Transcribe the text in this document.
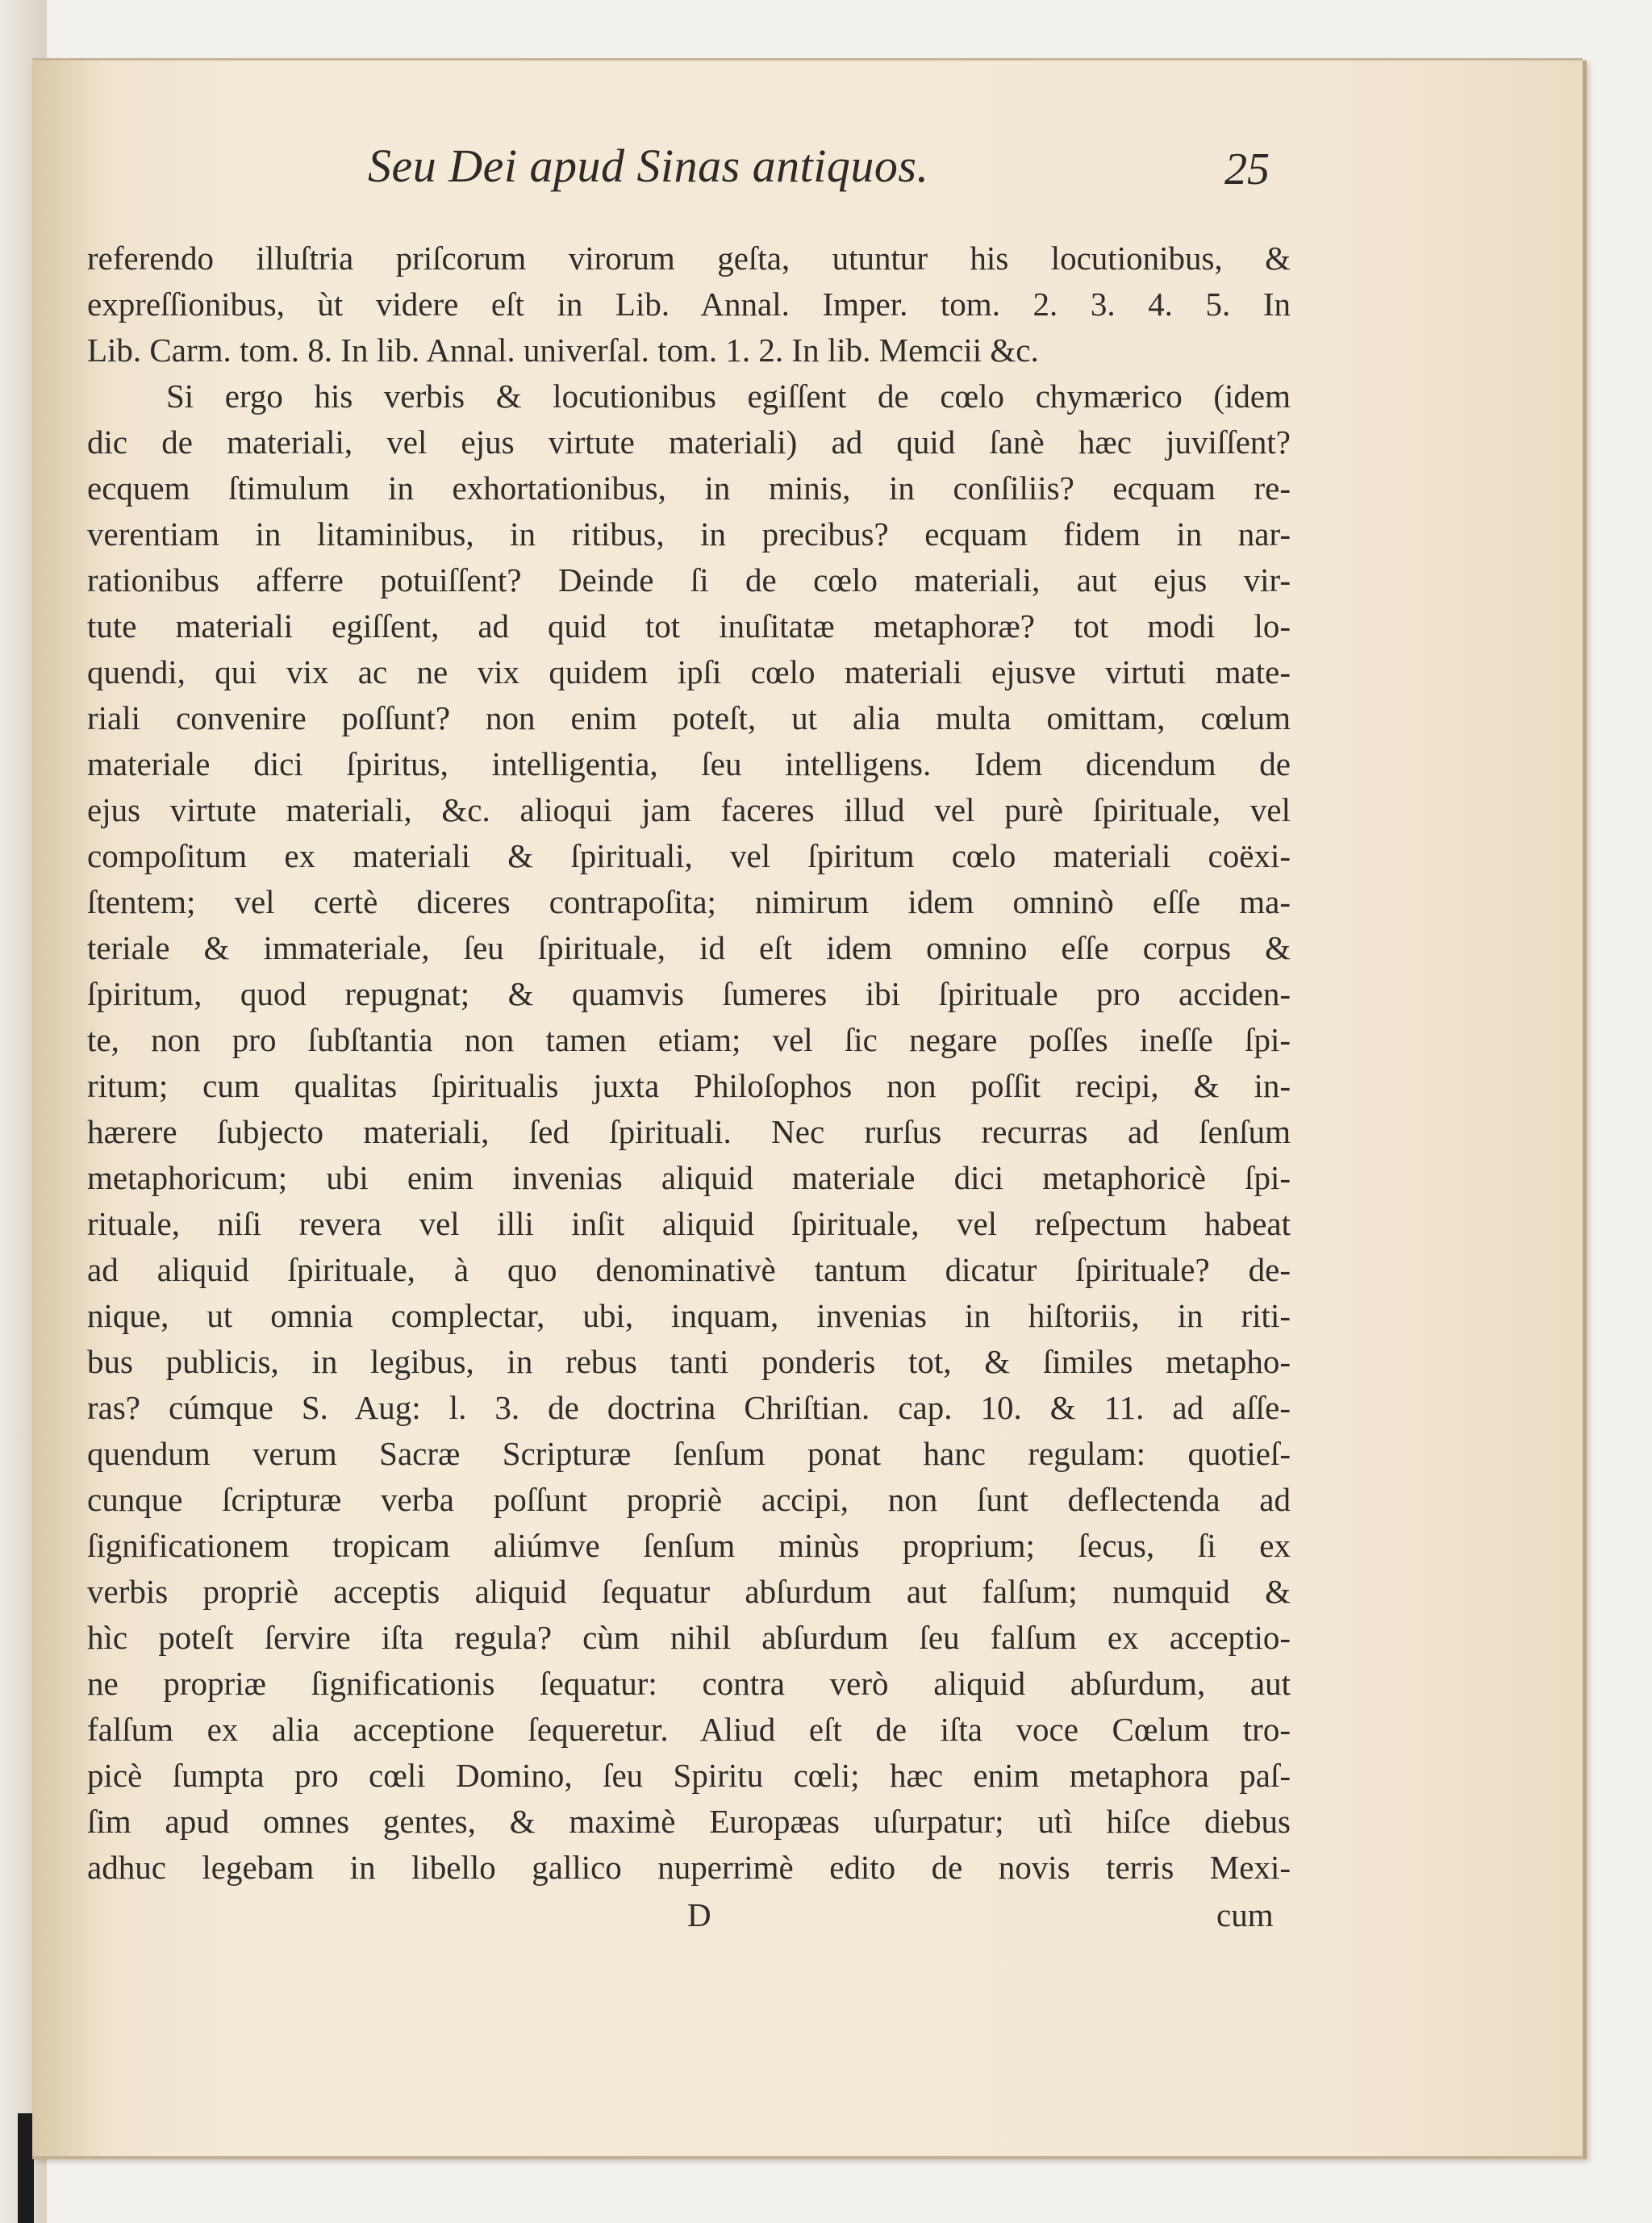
Seu Dei apud Sinas antiquos.	25
referendo illuſtria priſcorum virorum geſta, utuntur his locutionibus, &
expreſſionibus, ùt videre eſt in Lib. Annal. Imper. tom. 2. 3. 4. 5. In
Lib. Carm. tom. 8. In lib. Annal. univerſal. tom. 1. 2. In lib. Memcii &c.
Si ergo his verbis & locutionibus egiſſent de cœlo chymærico (idem
dic de materiali, vel ejus virtute materiali) ad quid ſanè hæc juviſſent?
ecquem ſtimulum in exhortationibus, in minis, in conſiliis? ecquam re-
verentiam in litaminibus, in ritibus, in precibus? ecquam fidem in nar-
rationibus afferre potuiſſent? Deinde ſi de cœlo materiali, aut ejus vir-
tute materiali egiſſent, ad quid tot inuſitatæ metaphoræ? tot modi lo-
quendi, qui vix ac ne vix quidem ipſi cœlo materiali ejusve virtuti mate-
riali convenire poſſunt? non enim poteſt, ut alia multa omittam, cœlum
materiale dici ſpiritus, intelligentia, ſeu intelligens. Idem dicendum de
ejus virtute materiali, &c. alioqui jam faceres illud vel purè ſpirituale, vel
compoſitum ex materiali & ſpirituali, vel ſpiritum cœlo materiali coëxi-
ſtentem; vel certè diceres contrapoſita; nimirum idem omninò eſſe ma-
teriale & immateriale, ſeu ſpirituale, id eſt idem omnino eſſe corpus &
ſpiritum, quod repugnat; & quamvis ſumeres ibi ſpirituale pro acciden-
te, non pro ſubſtantia non tamen etiam; vel ſic negare poſſes ineſſe ſpi-
ritum; cum qualitas ſpiritualis juxta Philoſophos non poſſit recipi, & in-
hærere ſubjecto materiali, ſed ſpirituali. Nec rurſus recurras ad ſenſum
metaphoricum; ubi enim invenias aliquid materiale dici metaphoricè ſpi-
rituale, niſi revera vel illi inſit aliquid ſpirituale, vel reſpectum habeat
ad aliquid ſpirituale, à quo denominativè tantum dicatur ſpirituale? de-
nique, ut omnia complectar, ubi, inquam, invenias in hiſtoriis, in riti-
bus publicis, in legibus, in rebus tanti ponderis tot, & ſimiles metapho-
ras? cúmque S. Aug: l. 3. de doctrina Chriſtian. cap. 10. & 11. ad aſſe-
quendum verum Sacræ Scripturæ ſenſum ponat hanc regulam: quotieſ-
cunque ſcripturæ verba poſſunt propriè accipi, non ſunt deflectenda ad
ſignificationem tropicam aliúmve ſenſum minùs proprium; ſecus, ſi ex
verbis propriè acceptis aliquid ſequatur abſurdum aut falſum; numquid &
hìc poteſt ſervire iſta regula? cùm nihil abſurdum ſeu falſum ex acceptio-
ne propriæ ſignificationis ſequatur: contra verò aliquid abſurdum, aut
falſum ex alia acceptione ſequeretur. Aliud eſt de iſta voce Cœlum tro-
picè ſumpta pro cœli Domino, ſeu Spiritu cœli; hæc enim metaphora paſ-
ſim apud omnes gentes, & maximè Europæas uſurpatur; utì hiſce diebus
adhuc legebam in libello gallico nuperrimè edito de novis terris Mexi-
D	cum
